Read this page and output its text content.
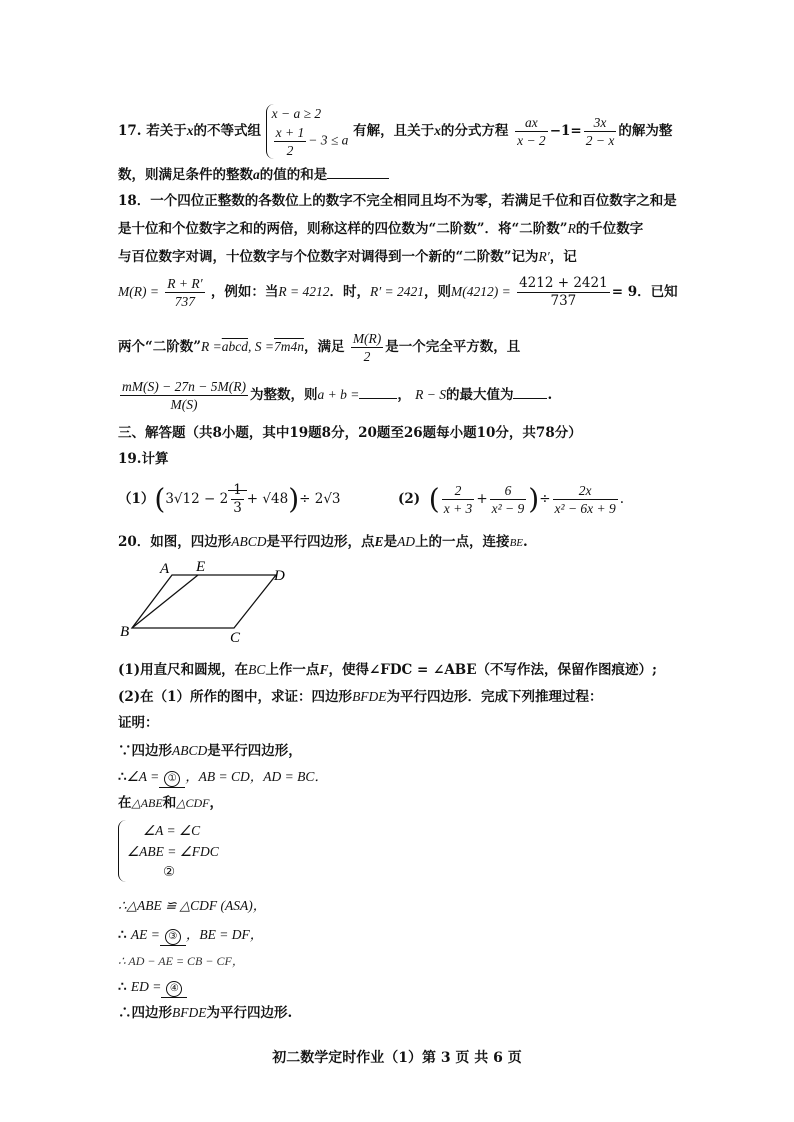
17. 若关于x的不等式组
x − a ≥ 2
$\frac{x + 1}{2} - 3 \le a$
有解，且关于x的分式方程 $\frac{ax}{x - 2} -1= \frac{3x}{2 - x}$ 的解为整
数，则满足条件的整数a的值的和是
18．一个四位正整数的各数位上的数字不完全相同且均不为零，若满足千位和百位数字之和是
是十位和个位数字之和的两倍，则称这样的四位数为“二阶数”．将“二阶数”R的千位数字
与百位数字对调，十位数字与个位数字对调得到一个新的“二阶数”记为R′，记
$M(R) = \frac{R + R'}{737}$ ，例如：当R = 4212．时，R′ = 2421，则$M(4212) = \frac{4212 + 2421}{737} = 9$．已知
两个“二阶数”R =abcd, S =7m4n，满足 $\frac{M(R)}{2}$ 是一个完全平方数，且
$\frac{mM(S) - 27n - 5M(R)}{M(S)}$ 为整数，则a + b =	， R − S的最大值为	.
三、解答题（共8小题，其中19题8分，20题至26题每小题10分，共78分）
19.计算
$(1)(3√12 - 2 \frac{1}{3} + √48)\div 2√3$	(2) ( $\frac{2}{x + 3} + \frac{6}{\text{x² − 9}}$ )÷ $\frac{2x}{\text{x² − 6x + 9}}$ .
20．如图，四边形ABCD是平行四边形，点E是AD上的一点，连接BE.
A E
D
B	C
(1)用直尺和圆规，在BC上作一点F，使得∠FDC = ∠ABE（不写作法，保留作图痕迹）;
(2)在（1）所作的图中，求证：四边形BFDE为平行四边形．完成下列推理过程：
证明：
∵四边形ABCD是平行四边形，
∴∠A = ① ，AB = CD，AD = BC．
在△ABE和△CDF，
∠A = ∠C
∠ABE = ∠FDC
②
∴△ABE ≌ △CDF (ASA)，
∴ AE = ③ ，BE = DF，
∴ AD − AE = CB − CF，
∴ ED = ④
∴四边形BFDE为平行四边形.
初二数学定时作业（1）第 3 页 共 6 页
